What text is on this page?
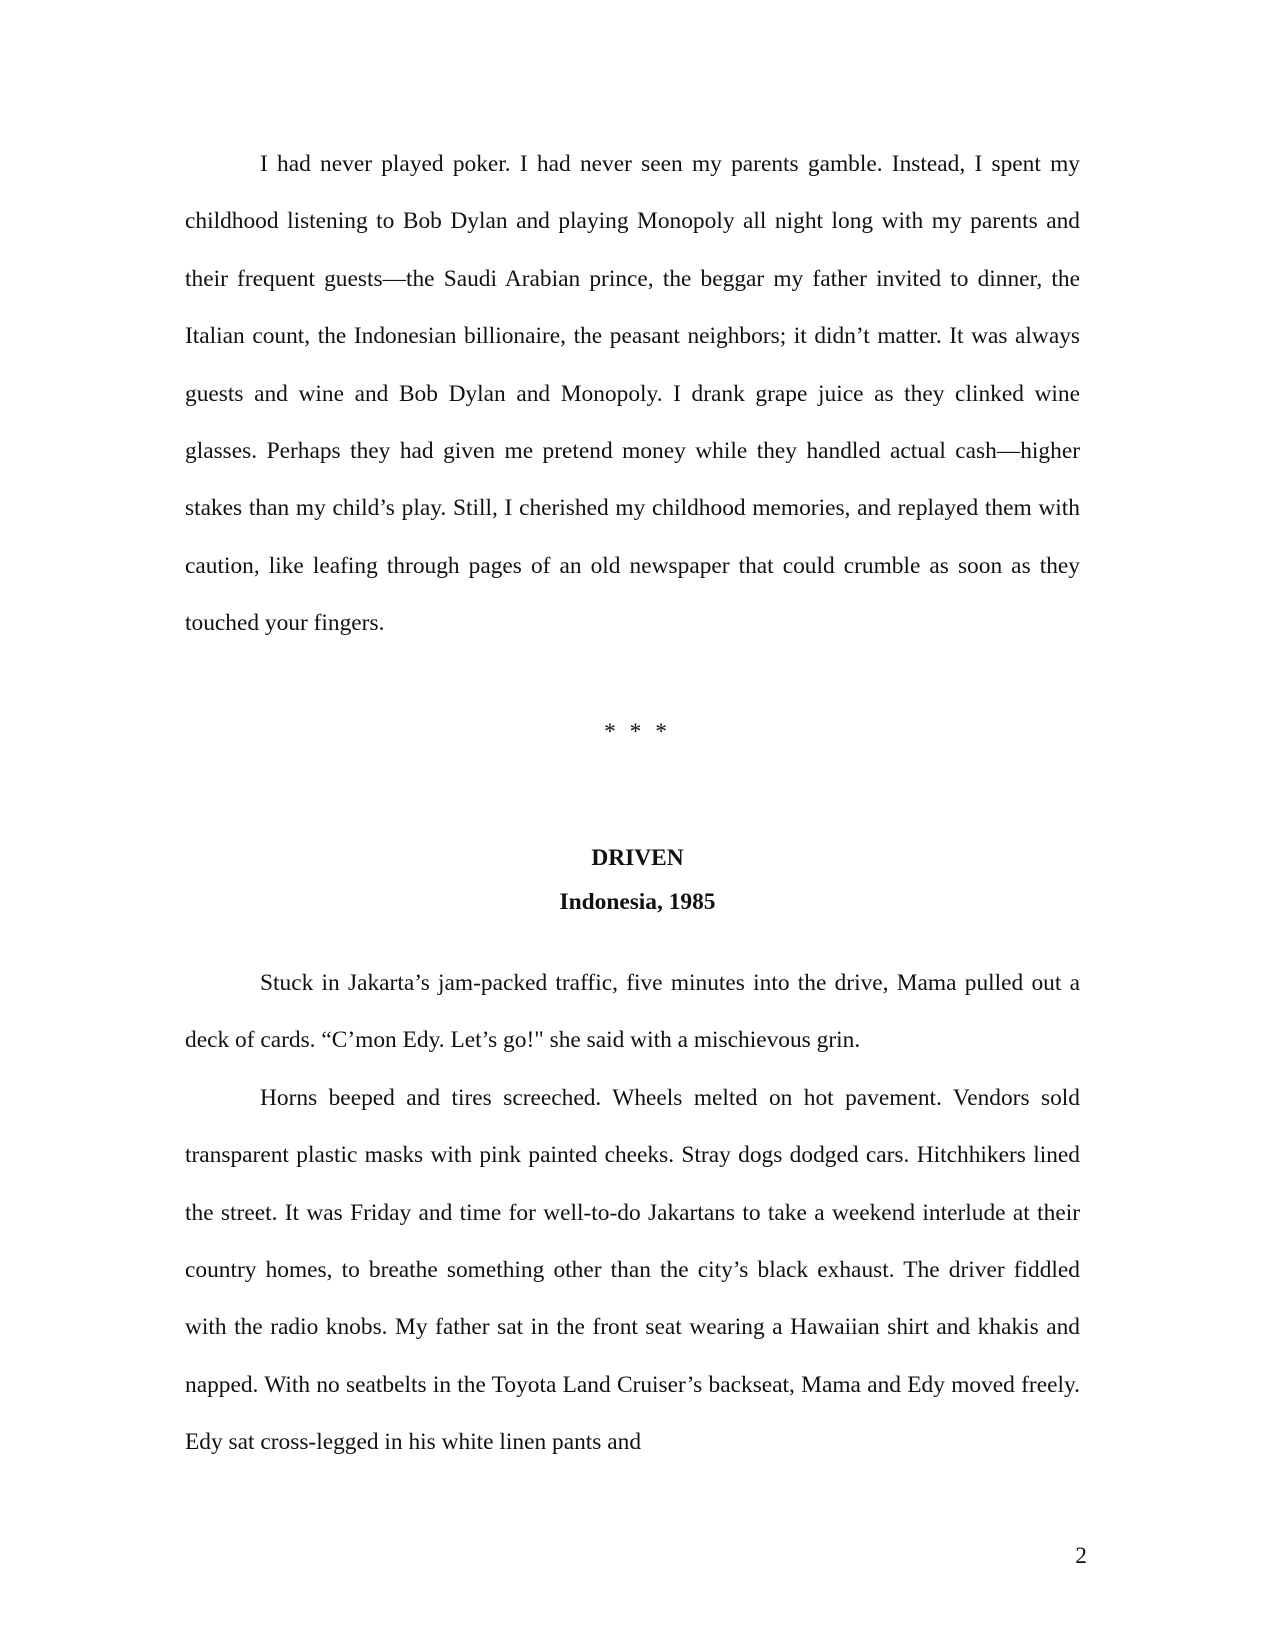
I had never played poker. I had never seen my parents gamble. Instead, I spent my childhood listening to Bob Dylan and playing Monopoly all night long with my parents and their frequent guests—the Saudi Arabian prince, the beggar my father invited to dinner, the Italian count, the Indonesian billionaire, the peasant neighbors; it didn’t matter. It was always guests and wine and Bob Dylan and Monopoly. I drank grape juice as they clinked wine glasses. Perhaps they had given me pretend money while they handled actual cash—higher stakes than my child’s play. Still, I cherished my childhood memories, and replayed them with caution, like leafing through pages of an old newspaper that could crumble as soon as they touched your fingers.

* * *
DRIVEN
Indonesia, 1985

Stuck in Jakarta’s jam-packed traffic, five minutes into the drive, Mama pulled out a deck of cards. “C’mon Edy. Let’s go!" she said with a mischievous grin.

Horns beeped and tires screeched. Wheels melted on hot pavement. Vendors sold transparent plastic masks with pink painted cheeks. Stray dogs dodged cars. Hitchhikers lined the street. It was Friday and time for well-to-do Jakartans to take a weekend interlude at their country homes, to breathe something other than the city’s black exhaust. The driver fiddled with the radio knobs. My father sat in the front seat wearing a Hawaiian shirt and khakis and napped. With no seatbelts in the Toyota Land Cruiser’s backseat, Mama and Edy moved freely. Edy sat cross-legged in his white linen pants and

2
